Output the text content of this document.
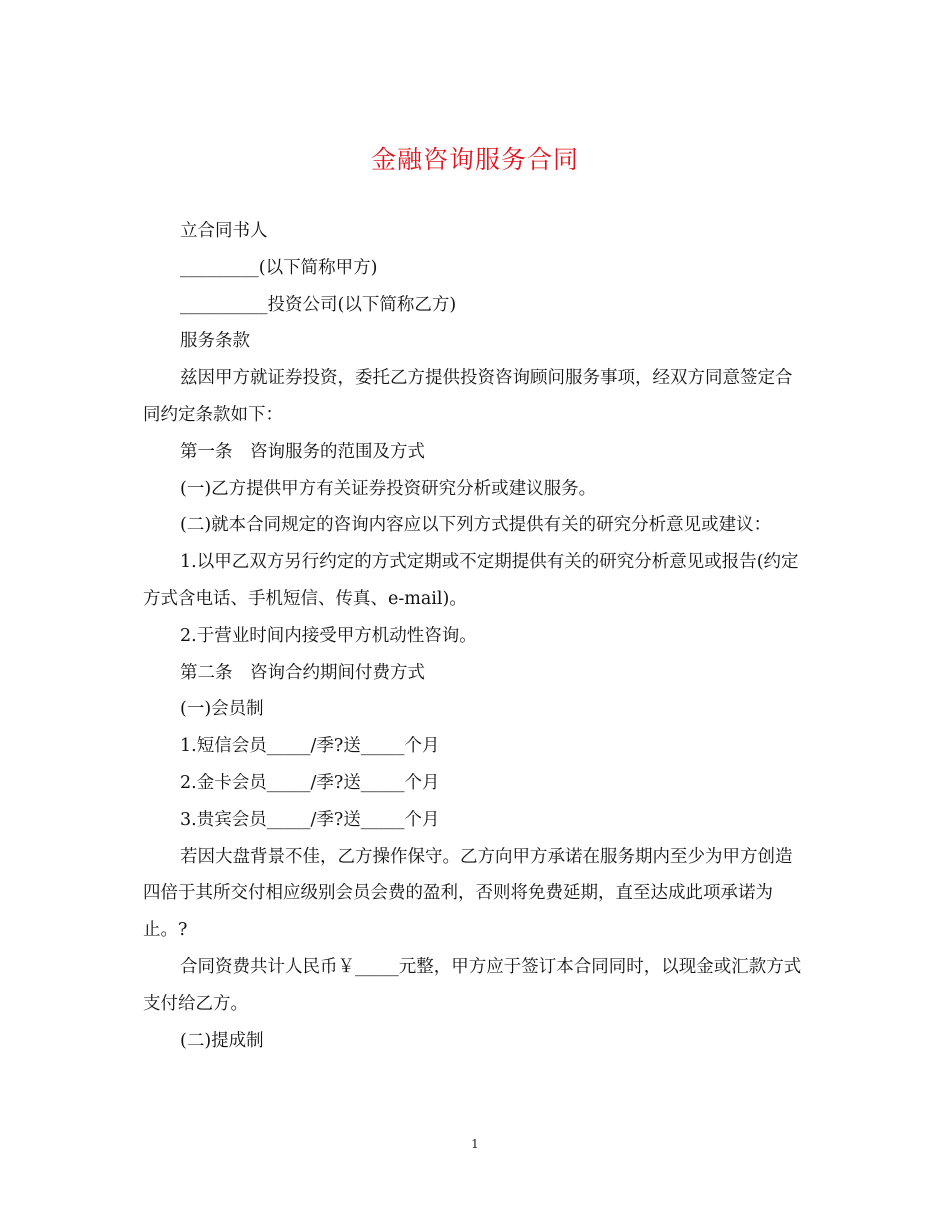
金融咨询服务合同

立合同书人

_________(以下简称甲方)

__________投资公司(以下简称乙方)

服务条款

兹因甲方就证券投资，委托乙方提供投资咨询顾问服务事项，经双方同意签定合同约定条款如下：

第一条　咨询服务的范围及方式

(一)乙方提供甲方有关证券投资研究分析或建议服务。

(二)就本合同规定的咨询内容应以下列方式提供有关的研究分析意见或建议：

1.以甲乙双方另行约定的方式定期或不定期提供有关的研究分析意见或报告(约定方式含电话、手机短信、传真、e-mail)。

2.于营业时间内接受甲方机动性咨询。

第二条　咨询合约期间付费方式

(一)会员制

1.短信会员_____/季?送_____个月

2.金卡会员_____/季?送_____个月

3.贵宾会员_____/季?送_____个月

若因大盘背景不佳，乙方操作保守。乙方向甲方承诺在服务期内至少为甲方创造四倍于其所交付相应级别会员会费的盈利，否则将免费延期，直至达成此项承诺为止。?

合同资费共计人民币￥_____元整，甲方应于签订本合同同时，以现金或汇款方式支付给乙方。

(二)提成制

1
